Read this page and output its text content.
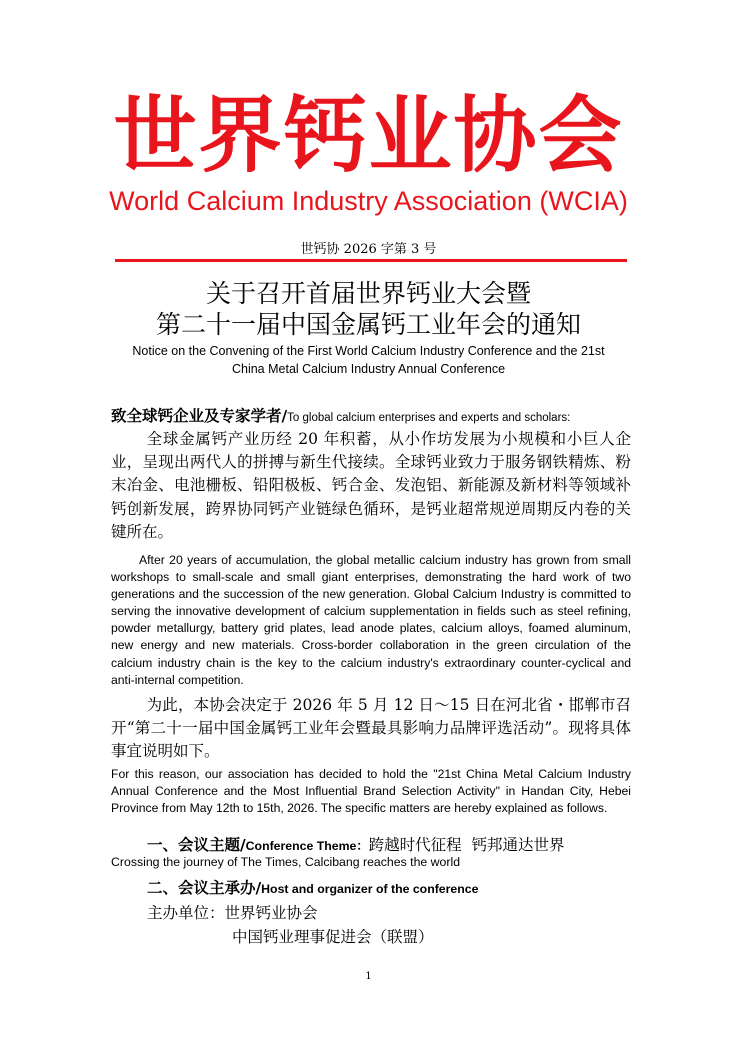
世界钙业协会
World Calcium Industry Association (WCIA)
世钙协 2026 字第 3 号
关于召开首届世界钙业大会暨
第二十一届中国金属钙工业年会的通知
Notice on the Convening of the First World Calcium Industry Conference and the 21st
China Metal Calcium Industry Annual Conference
致全球钙企业及专家学者/To global calcium enterprises and experts and scholars:

全球金属钙产业历经 20 年积蓄，从小作坊发展为小规模和小巨人企业，呈现出两代人的拼搏与新生代接续。全球钙业致力于服务钢铁精炼、粉末冶金、电池栅板、铅阳极板、钙合金、发泡铝、新能源及新材料等领域补钙创新发展，跨界协同钙产业链绿色循环，是钙业超常规逆周期反内卷的关键所在。

After 20 years of accumulation, the global metallic calcium industry has grown from small workshops to small-scale and small giant enterprises, demonstrating the hard work of two generations and the succession of the new generation. Global Calcium Industry is committed to serving the innovative development of calcium supplementation in fields such as steel refining, powder metallurgy, battery grid plates, lead anode plates, calcium alloys, foamed aluminum, new energy and new materials. Cross-border collaboration in the green circulation of the calcium industry chain is the key to the calcium industry's extraordinary counter-cyclical and anti-internal competition.

为此，本协会决定于 2026 年 5 月 12 日～15 日在河北省・邯郸市召开“第二十一届中国金属钙工业年会暨最具影响力品牌评选活动”。现将具体事宜说明如下。

For this reason, our association has decided to hold the "21st China Metal Calcium Industry Annual Conference and the Most Influential Brand Selection Activity" in Handan City, Hebei Province from May 12th to 15th, 2026. The specific matters are hereby explained as follows.

一、会议主题/Conference Theme：跨越时代征程  钙邦通达世界
Crossing the journey of The Times, Calcibang reaches the world
二、会议主承办/Host and organizer of the conference
主办单位：世界钙业协会
中国钙业理事促进会（联盟）
1
